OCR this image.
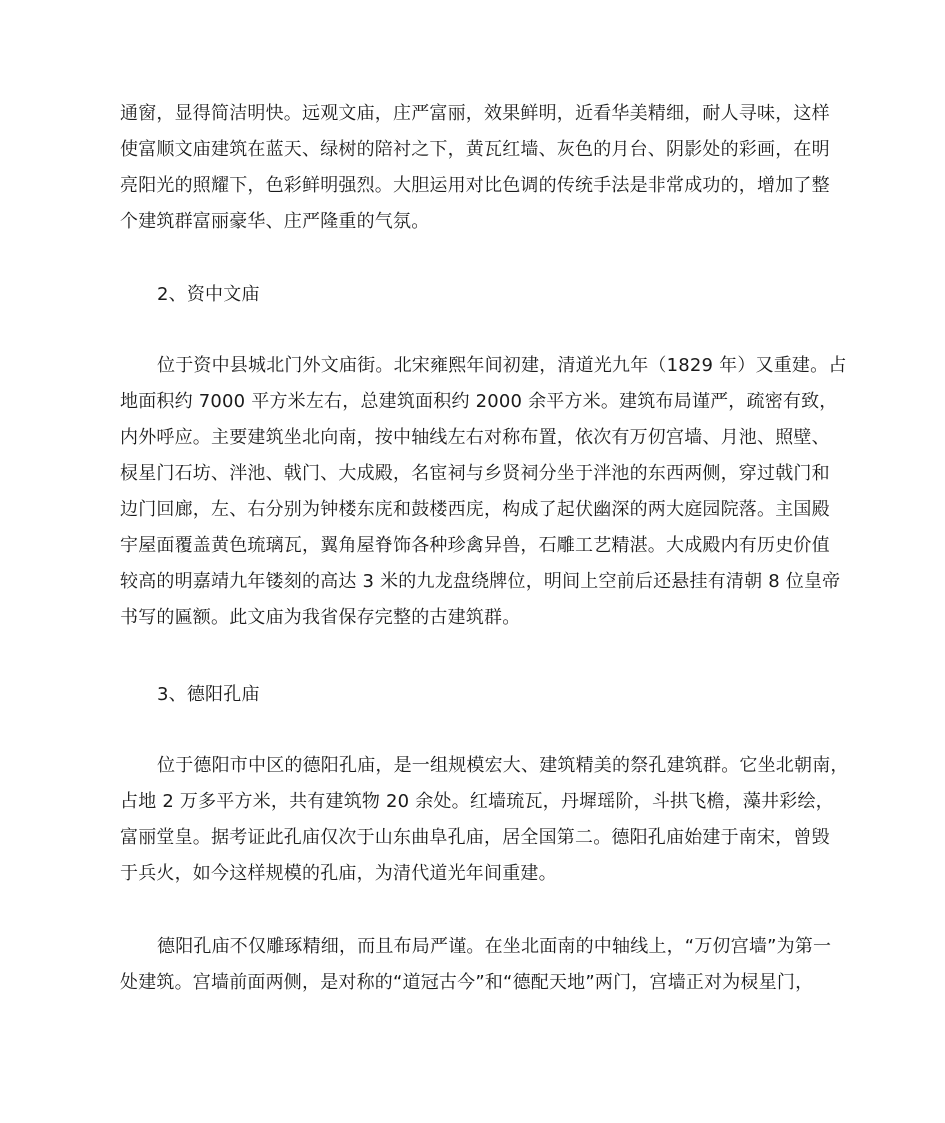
通窗，显得简洁明快。远观文庙，庄严富丽，效果鲜明，近看华美精细，耐人寻味，这样
使富顺文庙建筑在蓝天、绿树的陪衬之下，黄瓦红墙、灰色的月台、阴影处的彩画，在明
亮阳光的照耀下，色彩鲜明强烈。大胆运用对比色调的传统手法是非常成功的，增加了整
个建筑群富丽豪华、庄严隆重的气氛。
2、资中文庙
位于资中县城北门外文庙街。北宋雍熙年间初建，清道光九年（1829 年）又重建。占
地面积约 7000 平方米左右，总建筑面积约 2000 余平方米。建筑布局谨严，疏密有致，
内外呼应。主要建筑坐北向南，按中轴线左右对称布置，依次有万仞宫墙、月池、照壁、
棂星门石坊、泮池、戟门、大成殿，名宦祠与乡贤祠分坐于泮池的东西两侧，穿过戟门和
边门回廊，左、右分别为钟楼东庑和鼓楼西庑，构成了起伏幽深的两大庭园院落。主国殿
宇屋面覆盖黄色琉璃瓦，翼角屋脊饰各种珍禽异兽，石雕工艺精湛。大成殿内有历史价值
较高的明嘉靖九年镂刻的高达 3 米的九龙盘绕牌位，明间上空前后还悬挂有清朝 8 位皇帝
书写的匾额。此文庙为我省保存完整的古建筑群。
3、德阳孔庙
位于德阳市中区的德阳孔庙，是一组规模宏大、建筑精美的祭孔建筑群。它坐北朝南，
占地 2 万多平方米，共有建筑物 20 余处。红墙琉瓦，丹墀瑶阶，斗拱飞檐，藻井彩绘，
富丽堂皇。据考证此孔庙仅次于山东曲阜孔庙，居全国第二。德阳孔庙始建于南宋，曾毁
于兵火，如今这样规模的孔庙，为清代道光年间重建。
德阳孔庙不仅雕琢精细，而且布局严谨。在坐北面南的中轴线上，“万仞宫墙”为第一
处建筑。宫墙前面两侧，是对称的“道冠古今”和“德配天地”两门，宫墙正对为棂星门，
